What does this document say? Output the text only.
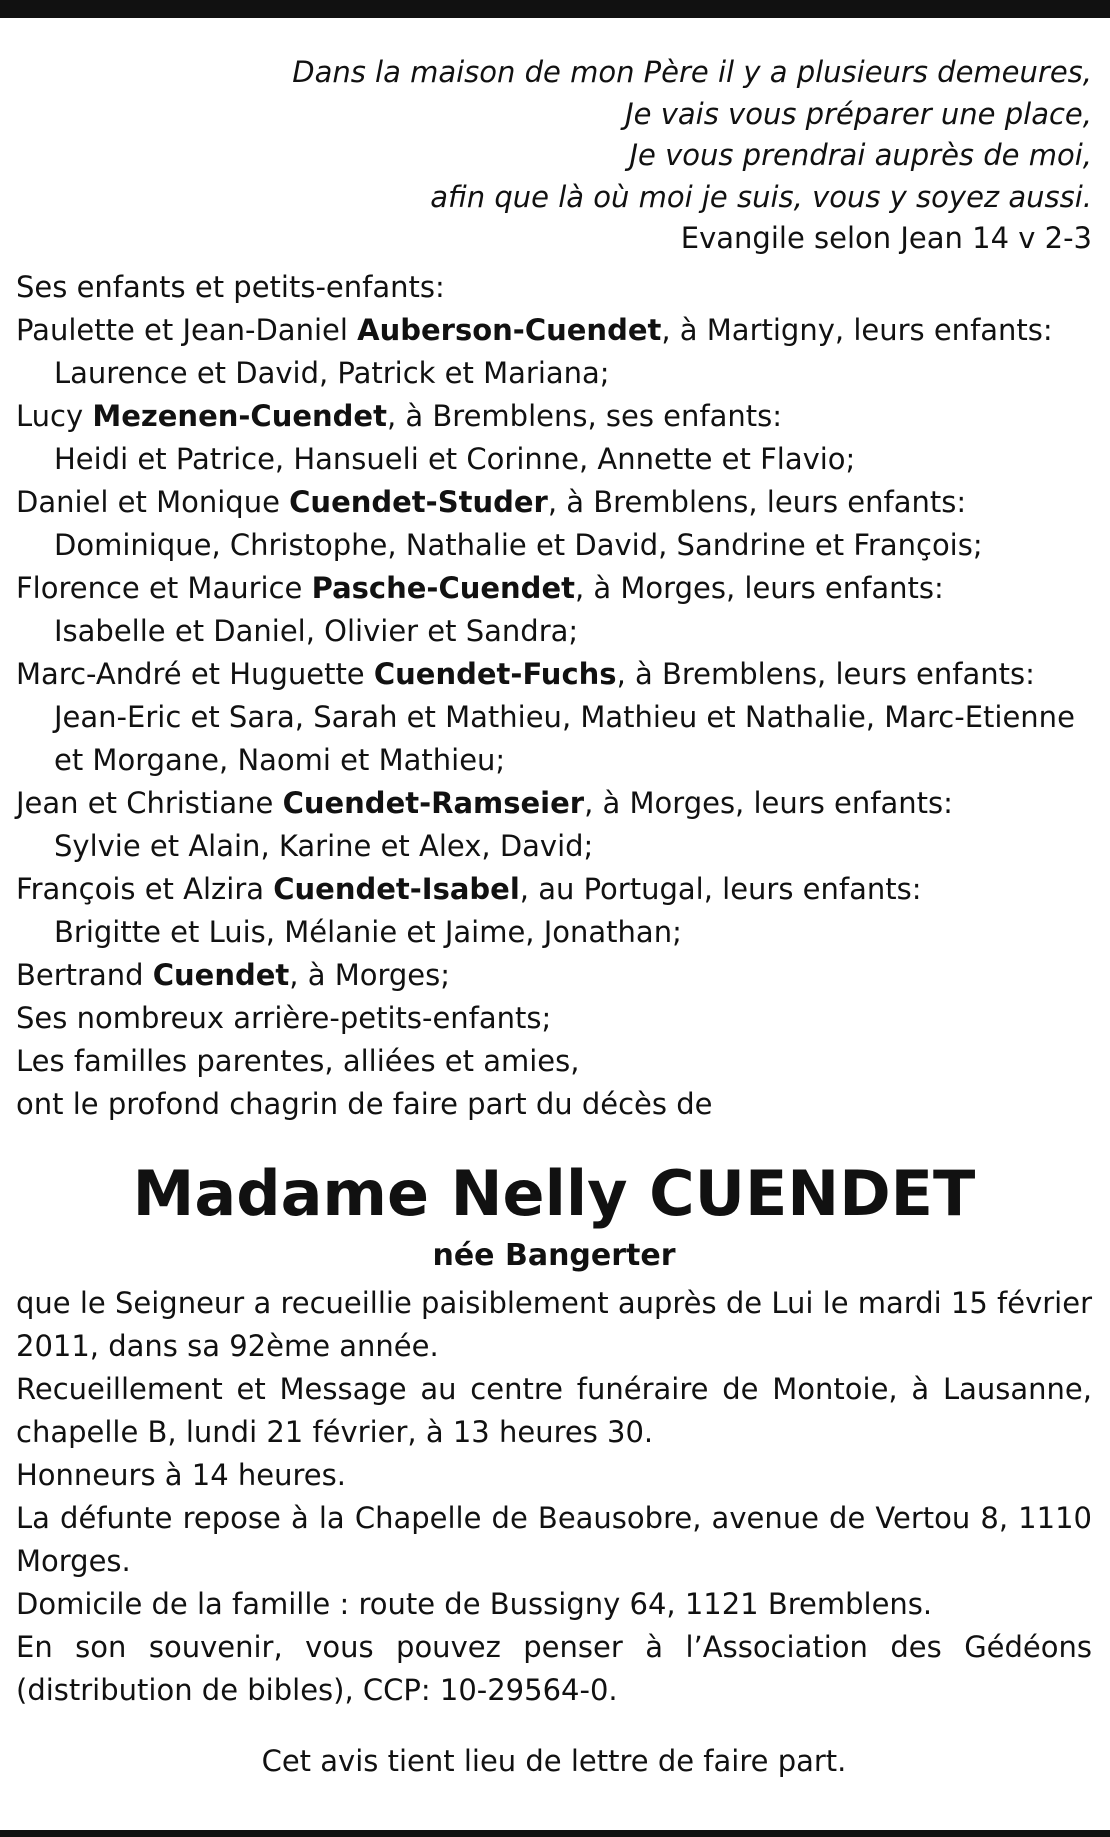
Dans la maison de mon Père il y a plusieurs demeures,
Je vais vous préparer une place,
Je vous prendrai auprès de moi,
afin que là où moi je suis, vous y soyez aussi.
Evangile selon Jean 14 v 2-3
Ses enfants et petits-enfants:
Paulette et Jean-Daniel Auberson-Cuendet, à Martigny, leurs enfants:
Laurence et David, Patrick et Mariana;
Lucy Mezenen-Cuendet, à Bremblens, ses enfants:
Heidi et Patrice, Hansueli et Corinne, Annette et Flavio;
Daniel et Monique Cuendet-Studer, à Bremblens, leurs enfants:
Dominique, Christophe, Nathalie et David, Sandrine et François;
Florence et Maurice Pasche-Cuendet, à Morges, leurs enfants:
Isabelle et Daniel, Olivier et Sandra;
Marc-André et Huguette Cuendet-Fuchs, à Bremblens, leurs enfants:
Jean-Eric et Sara, Sarah et Mathieu, Mathieu et Nathalie, Marc-Etienne
et Morgane, Naomi et Mathieu;
Jean et Christiane Cuendet-Ramseier, à Morges, leurs enfants:
Sylvie et Alain, Karine et Alex, David;
François et Alzira Cuendet-Isabel, au Portugal, leurs enfants:
Brigitte et Luis, Mélanie et Jaime, Jonathan;
Bertrand Cuendet, à Morges;
Ses nombreux arrière-petits-enfants;
Les familles parentes, alliées et amies,
ont le profond chagrin de faire part du décès de
Madame Nelly CUENDET
née Bangerter
que le Seigneur a recueillie paisiblement auprès de Lui le mardi 15 février 2011, dans sa 92ème année.
Recueillement et Message au centre funéraire de Montoie, à Lausanne, chapelle B, lundi 21 février, à 13 heures 30.
Honneurs à 14 heures.
La défunte repose à la Chapelle de Beausobre, avenue de Vertou 8, 1110 Morges.
Domicile de la famille : route de Bussigny 64, 1121 Bremblens.
En son souvenir, vous pouvez penser à l’Association des Gédéons (distribution de bibles), CCP: 10-29564-0.
Cet avis tient lieu de lettre de faire part.
